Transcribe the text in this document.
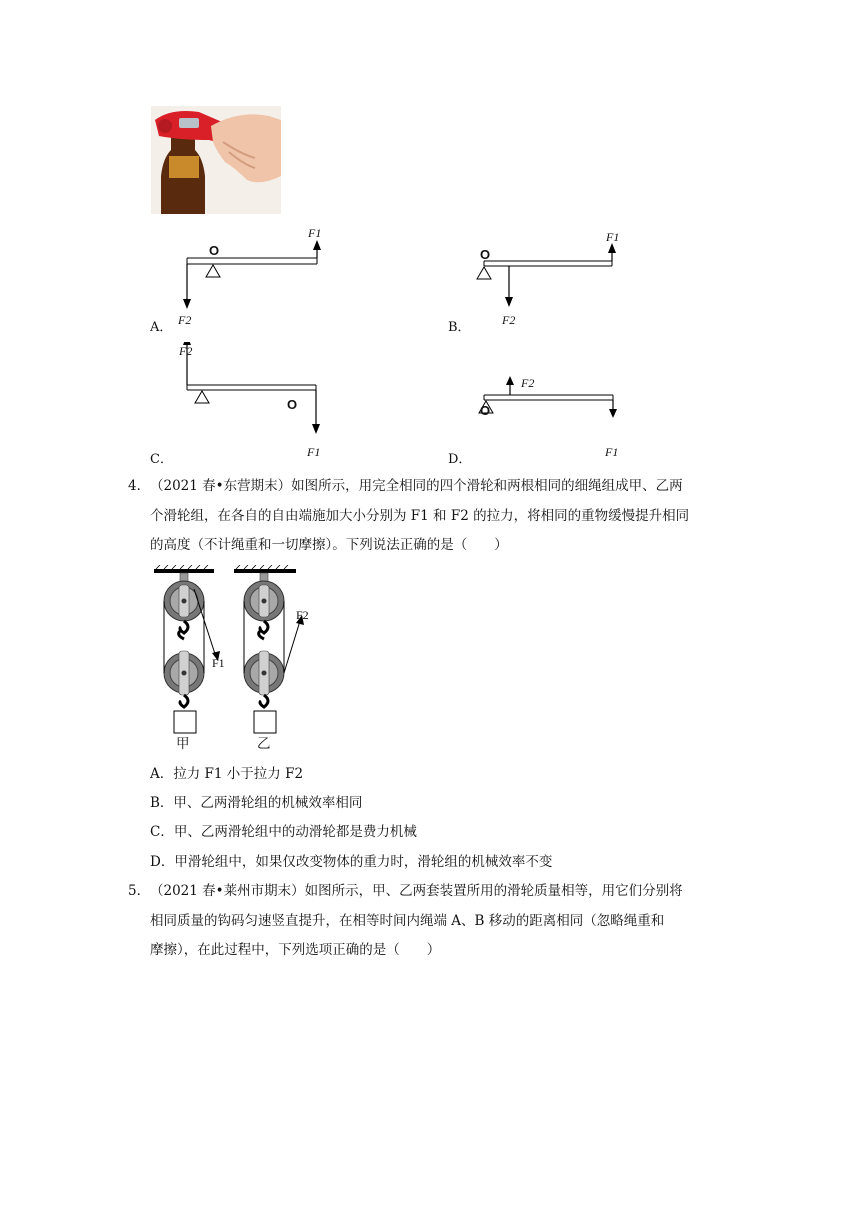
A．
O
F1
F2	B．
O
F1
F2
C．
O
F2
F1	D．
O
F2
F1
4． （2021 春•东营期末）如图所示，用完全相同的四个滑轮和两根相同的细绳组成甲、乙两
个滑轮组，在各自的自由端施加大小分别为 F1 和 F2 的拉力，将相同的重物缓慢提升相同
的高度（不计绳重和一切摩擦）。下列说法正确的是（　　）
F1
F2
甲	乙
A．拉力 F1 小于拉力 F2
B．甲、乙两滑轮组的机械效率相同
C．甲、乙两滑轮组中的动滑轮都是费力机械
D．甲滑轮组中，如果仅改变物体的重力时，滑轮组的机械效率不变
5． （2021 春•莱州市期末）如图所示，甲、乙两套装置所用的滑轮质量相等，用它们分别将
相同质量的钩码匀速竖直提升，在相等时间内绳端 A、B 移动的距离相同（忽略绳重和
摩擦），在此过程中，下列选项正确的是（　　）
